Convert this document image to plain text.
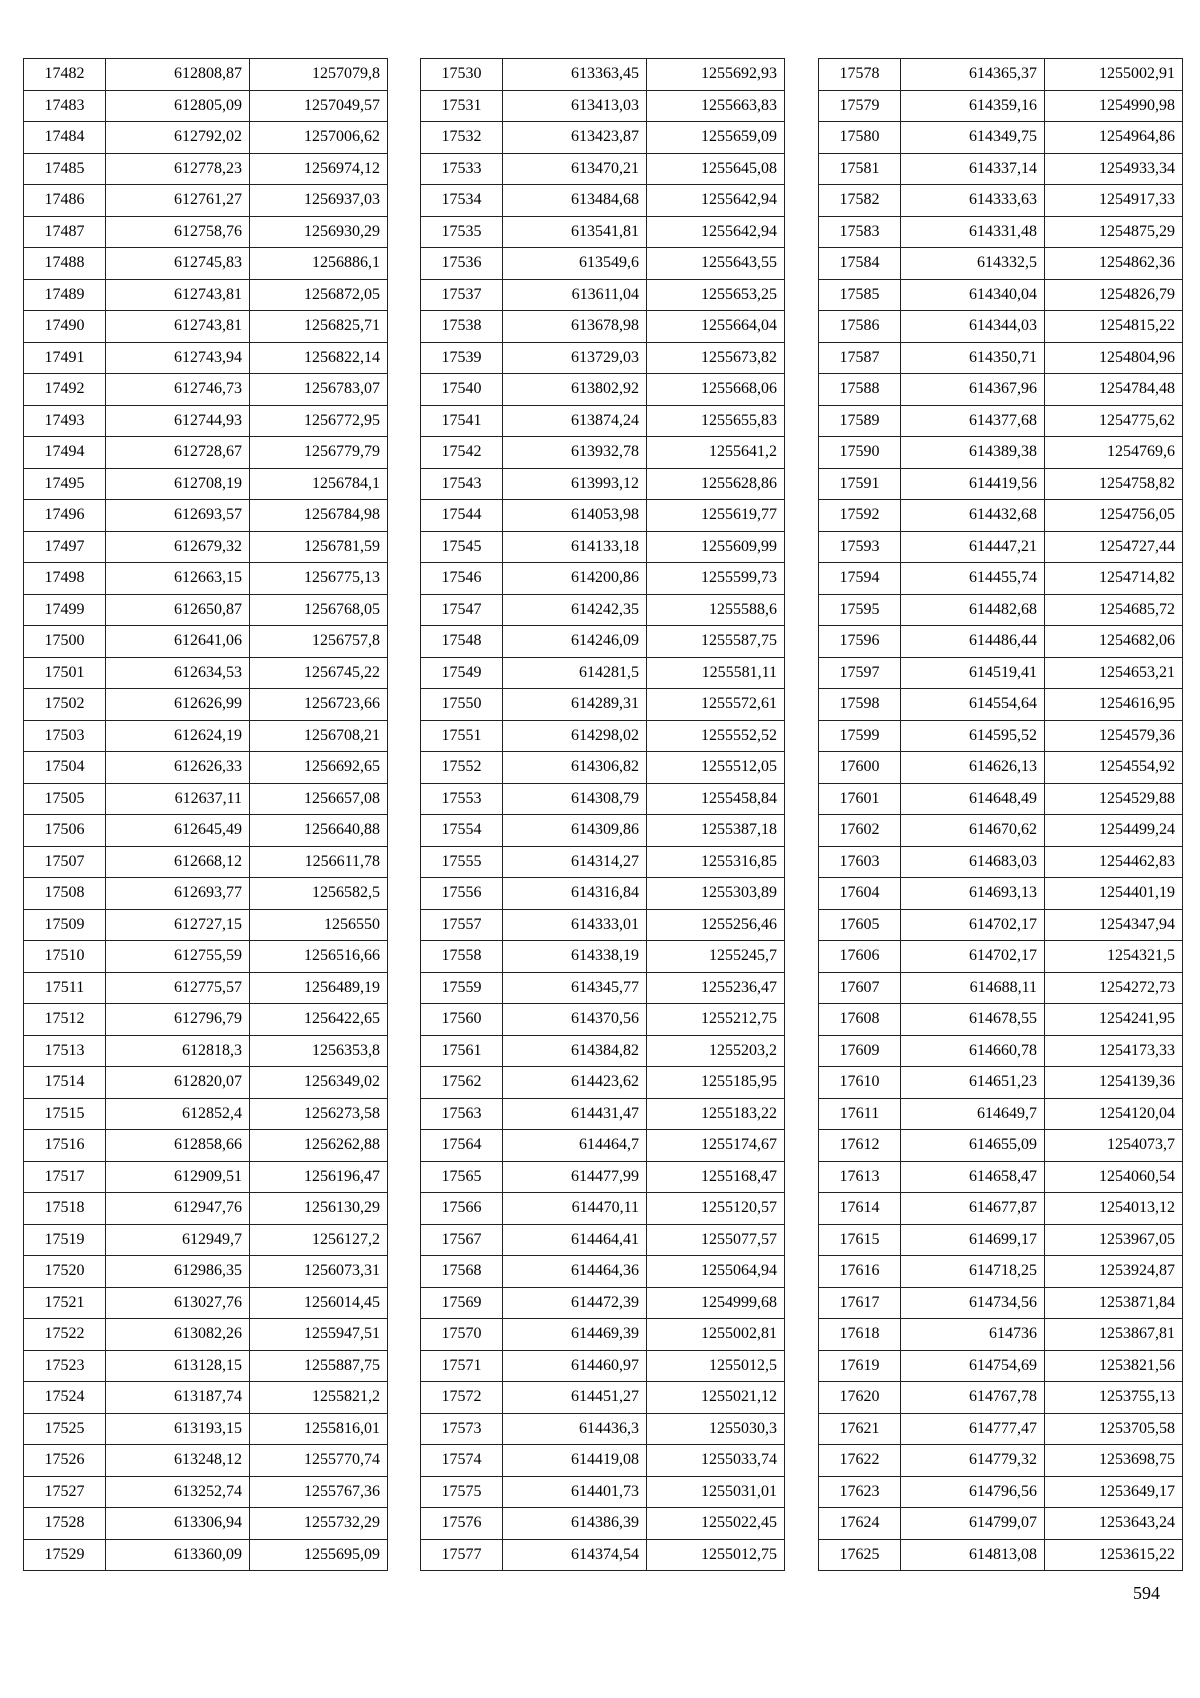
17482	612808,87	1257079,8
17483	612805,09	1257049,57
17484	612792,02	1257006,62
17485	612778,23	1256974,12
17486	612761,27	1256937,03
17487	612758,76	1256930,29
17488	612745,83	1256886,1
17489	612743,81	1256872,05
17490	612743,81	1256825,71
17491	612743,94	1256822,14
17492	612746,73	1256783,07
17493	612744,93	1256772,95
17494	612728,67	1256779,79
17495	612708,19	1256784,1
17496	612693,57	1256784,98
17497	612679,32	1256781,59
17498	612663,15	1256775,13
17499	612650,87	1256768,05
17500	612641,06	1256757,8
17501	612634,53	1256745,22
17502	612626,99	1256723,66
17503	612624,19	1256708,21
17504	612626,33	1256692,65
17505	612637,11	1256657,08
17506	612645,49	1256640,88
17507	612668,12	1256611,78
17508	612693,77	1256582,5
17509	612727,15	1256550
17510	612755,59	1256516,66
17511	612775,57	1256489,19
17512	612796,79	1256422,65
17513	612818,3	1256353,8
17514	612820,07	1256349,02
17515	612852,4	1256273,58
17516	612858,66	1256262,88
17517	612909,51	1256196,47
17518	612947,76	1256130,29
17519	612949,7	1256127,2
17520	612986,35	1256073,31
17521	613027,76	1256014,45
17522	613082,26	1255947,51
17523	613128,15	1255887,75
17524	613187,74	1255821,2
17525	613193,15	1255816,01
17526	613248,12	1255770,74
17527	613252,74	1255767,36
17528	613306,94	1255732,29
17529	613360,09	1255695,09
17530	613363,45	1255692,93
17531	613413,03	1255663,83
17532	613423,87	1255659,09
17533	613470,21	1255645,08
17534	613484,68	1255642,94
17535	613541,81	1255642,94
17536	613549,6	1255643,55
17537	613611,04	1255653,25
17538	613678,98	1255664,04
17539	613729,03	1255673,82
17540	613802,92	1255668,06
17541	613874,24	1255655,83
17542	613932,78	1255641,2
17543	613993,12	1255628,86
17544	614053,98	1255619,77
17545	614133,18	1255609,99
17546	614200,86	1255599,73
17547	614242,35	1255588,6
17548	614246,09	1255587,75
17549	614281,5	1255581,11
17550	614289,31	1255572,61
17551	614298,02	1255552,52
17552	614306,82	1255512,05
17553	614308,79	1255458,84
17554	614309,86	1255387,18
17555	614314,27	1255316,85
17556	614316,84	1255303,89
17557	614333,01	1255256,46
17558	614338,19	1255245,7
17559	614345,77	1255236,47
17560	614370,56	1255212,75
17561	614384,82	1255203,2
17562	614423,62	1255185,95
17563	614431,47	1255183,22
17564	614464,7	1255174,67
17565	614477,99	1255168,47
17566	614470,11	1255120,57
17567	614464,41	1255077,57
17568	614464,36	1255064,94
17569	614472,39	1254999,68
17570	614469,39	1255002,81
17571	614460,97	1255012,5
17572	614451,27	1255021,12
17573	614436,3	1255030,3
17574	614419,08	1255033,74
17575	614401,73	1255031,01
17576	614386,39	1255022,45
17577	614374,54	1255012,75
17578	614365,37	1255002,91
17579	614359,16	1254990,98
17580	614349,75	1254964,86
17581	614337,14	1254933,34
17582	614333,63	1254917,33
17583	614331,48	1254875,29
17584	614332,5	1254862,36
17585	614340,04	1254826,79
17586	614344,03	1254815,22
17587	614350,71	1254804,96
17588	614367,96	1254784,48
17589	614377,68	1254775,62
17590	614389,38	1254769,6
17591	614419,56	1254758,82
17592	614432,68	1254756,05
17593	614447,21	1254727,44
17594	614455,74	1254714,82
17595	614482,68	1254685,72
17596	614486,44	1254682,06
17597	614519,41	1254653,21
17598	614554,64	1254616,95
17599	614595,52	1254579,36
17600	614626,13	1254554,92
17601	614648,49	1254529,88
17602	614670,62	1254499,24
17603	614683,03	1254462,83
17604	614693,13	1254401,19
17605	614702,17	1254347,94
17606	614702,17	1254321,5
17607	614688,11	1254272,73
17608	614678,55	1254241,95
17609	614660,78	1254173,33
17610	614651,23	1254139,36
17611	614649,7	1254120,04
17612	614655,09	1254073,7
17613	614658,47	1254060,54
17614	614677,87	1254013,12
17615	614699,17	1253967,05
17616	614718,25	1253924,87
17617	614734,56	1253871,84
17618	614736	1253867,81
17619	614754,69	1253821,56
17620	614767,78	1253755,13
17621	614777,47	1253705,58
17622	614779,32	1253698,75
17623	614796,56	1253649,17
17624	614799,07	1253643,24
17625	614813,08	1253615,22
594
